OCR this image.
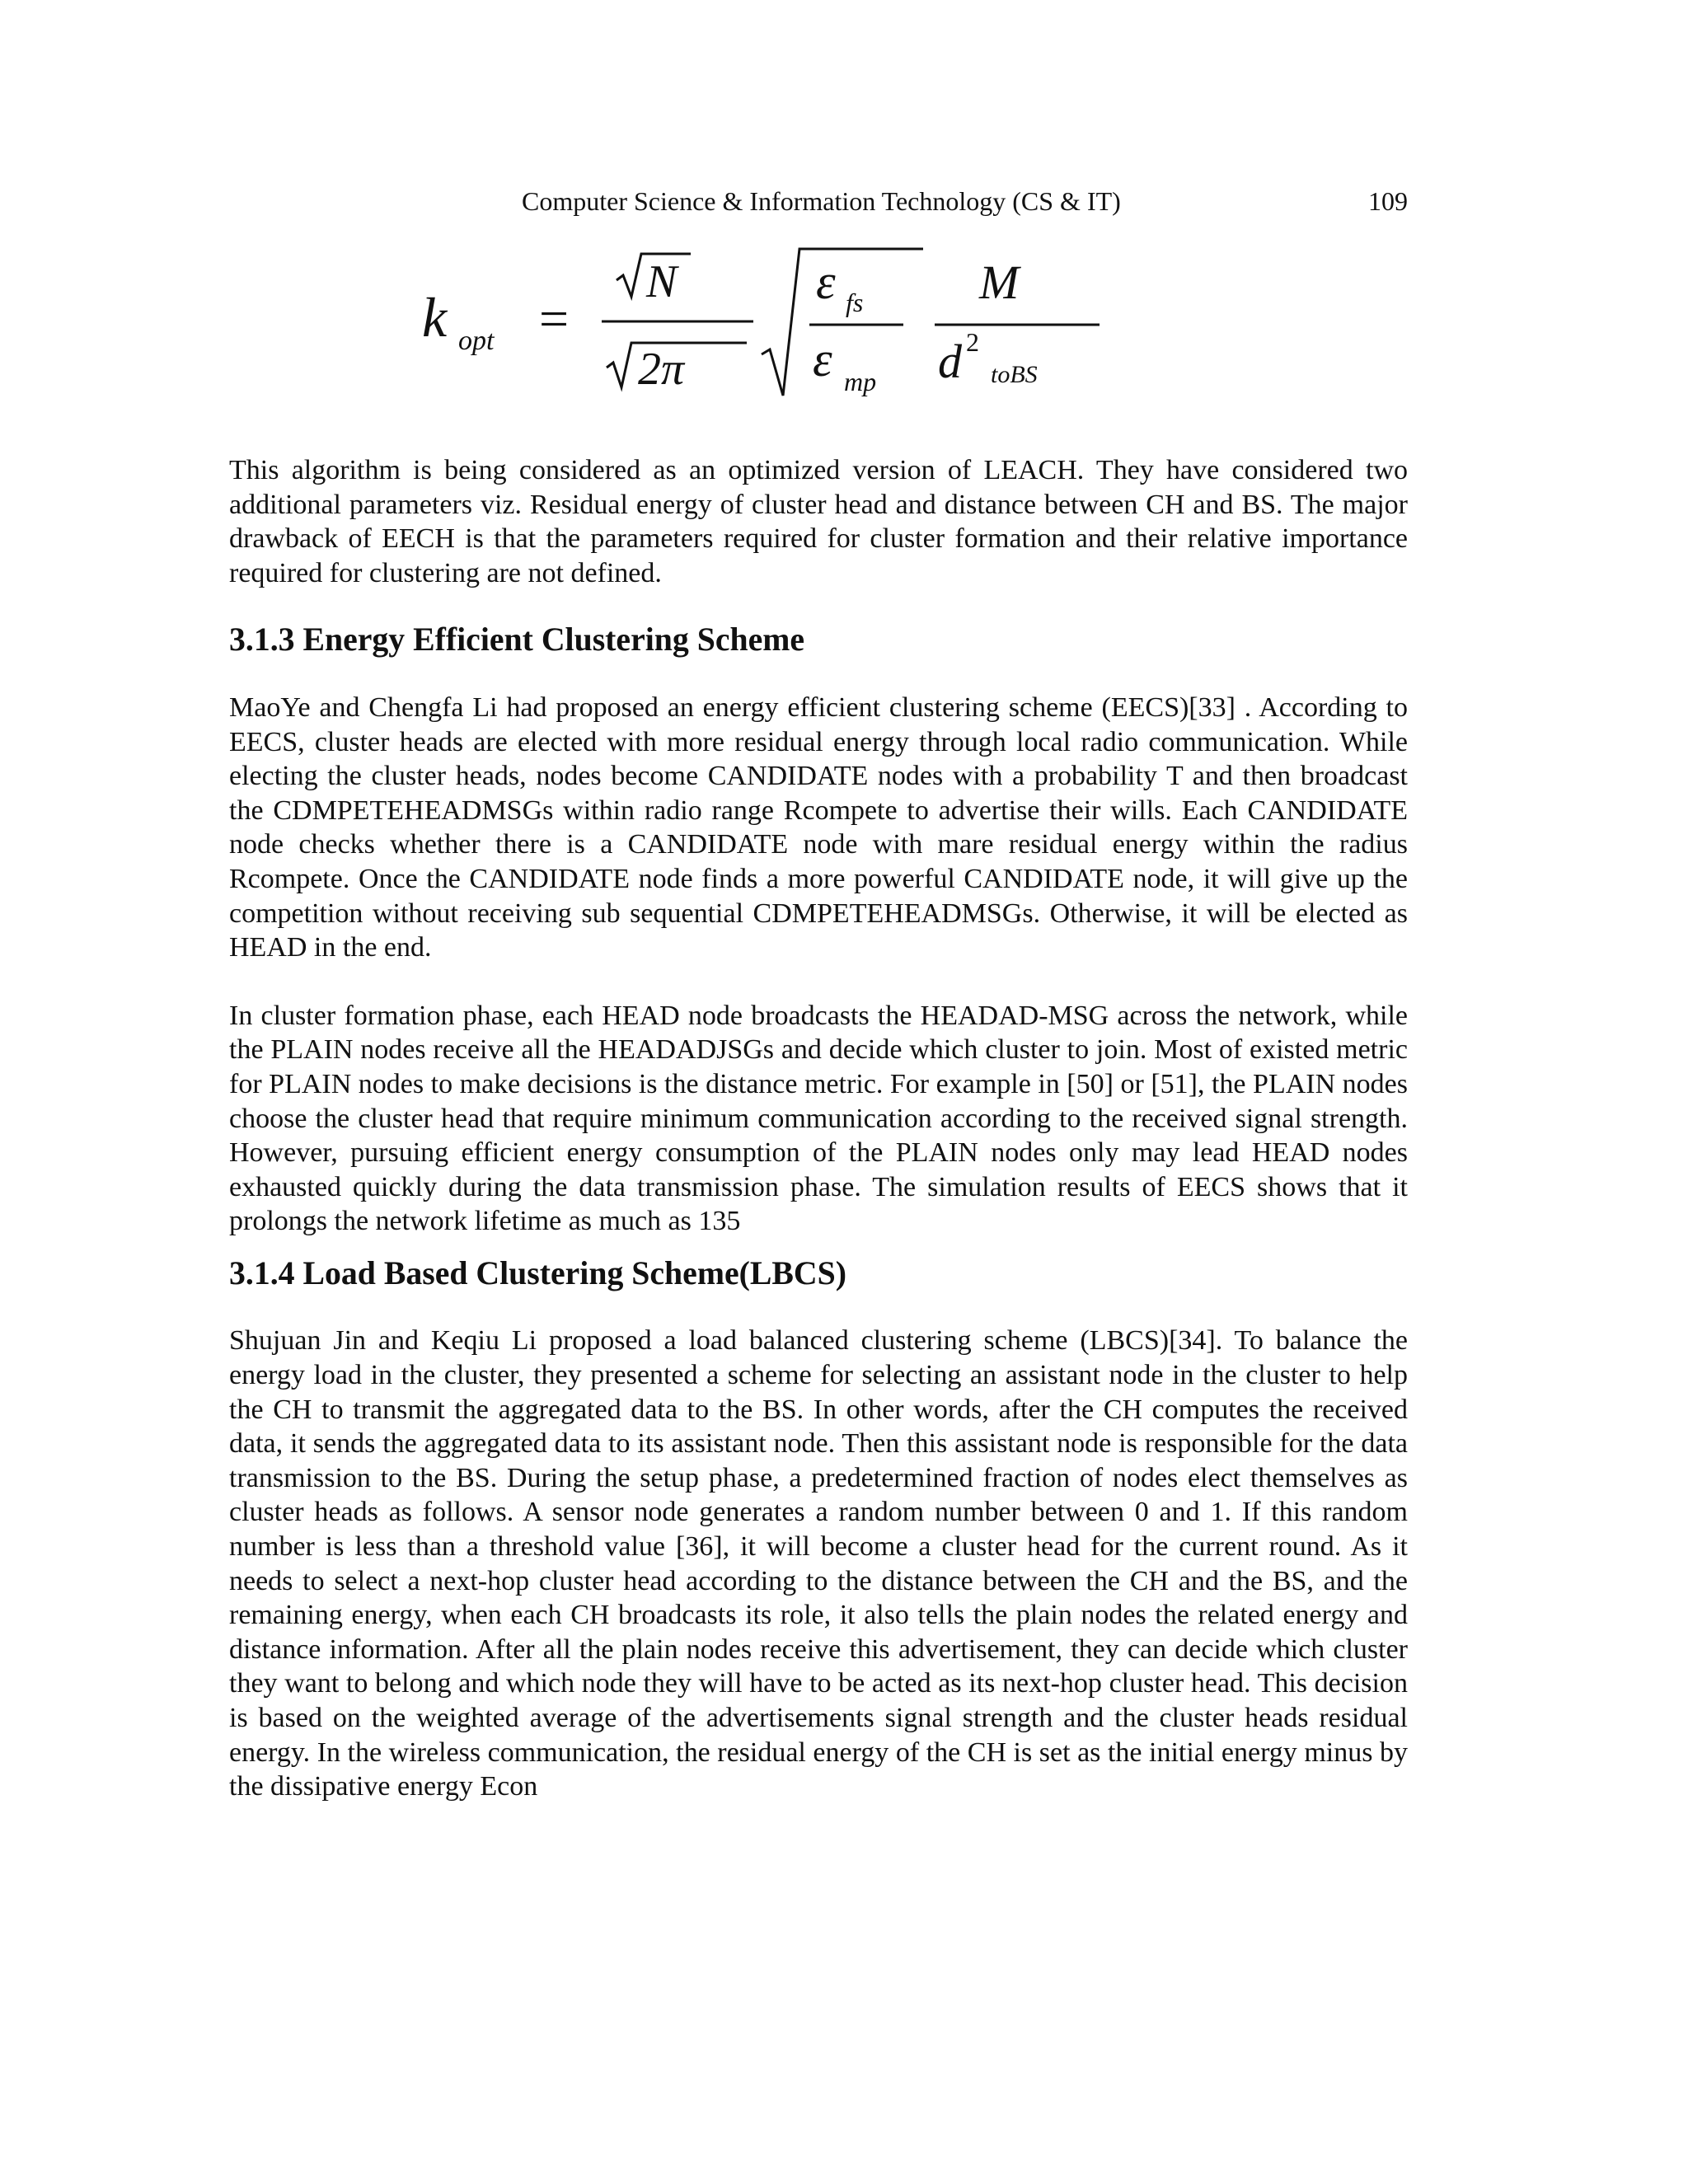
Computer Science & Information Technology (CS & IT)	109
k opt =
N
2π
ε fs
ε mp
M
d 2
toBS

This algorithm is being considered as an optimized version of LEACH. They have considered two additional parameters viz. Residual energy of cluster head and distance between CH and BS. The major drawback of EECH is that the parameters required for cluster formation and their relative importance required for clustering are not defined.

3.1.3 Energy Efficient Clustering Scheme

MaoYe and Chengfa Li had proposed an energy efficient clustering scheme (EECS)[33] . According to EECS, cluster heads are elected with more residual energy through local radio communication. While electing the cluster heads, nodes become CANDIDATE nodes with a probability T and then broadcast the CDMPETEHEADMSGs within radio range Rcompete to advertise their wills. Each CANDIDATE node checks whether there is a CANDIDATE node with mare residual energy within the radius Rcompete. Once the CANDIDATE node finds a more powerful CANDIDATE node, it will give up the competition without receiving sub sequential CDMPETEHEADMSGs. Otherwise, it will be elected as HEAD in the end.

In cluster formation phase, each HEAD node broadcasts the HEADAD-MSG across the network, while the PLAIN nodes receive all the HEADADJSGs and decide which cluster to join. Most of existed metric for PLAIN nodes to make decisions is the distance metric. For example in [50] or [51], the PLAIN nodes choose the cluster head that require minimum communication according to the received signal strength. However, pursuing efficient energy consumption of the PLAIN nodes only may lead HEAD nodes exhausted quickly during the data transmission phase. The simulation results of EECS shows that it prolongs the network lifetime as much as 135

3.1.4 Load Based Clustering Scheme(LBCS)

Shujuan Jin and Keqiu Li proposed a load balanced clustering scheme (LBCS)[34]. To balance the energy load in the cluster, they presented a scheme for selecting an assistant node in the cluster to help the CH to transmit the aggregated data to the BS. In other words, after the CH computes the received data, it sends the aggregated data to its assistant node. Then this assistant node is responsible for the data transmission to the BS. During the setup phase, a predetermined fraction of nodes elect themselves as cluster heads as follows. A sensor node generates a random number between 0 and 1. If this random number is less than a threshold value [36], it will become a cluster head for the current round. As it needs to select a next-hop cluster head according to the distance between the CH and the BS, and the remaining energy, when each CH broadcasts its role, it also tells the plain nodes the related energy and distance information. After all the plain nodes receive this advertisement, they can decide which cluster they want to belong and which node they will have to be acted as its next-hop cluster head. This decision is based on the weighted average of the advertisements signal strength and the cluster heads residual energy. In the wireless communication, the residual energy of the CH is set as the initial energy minus by the dissipative energy Econ
